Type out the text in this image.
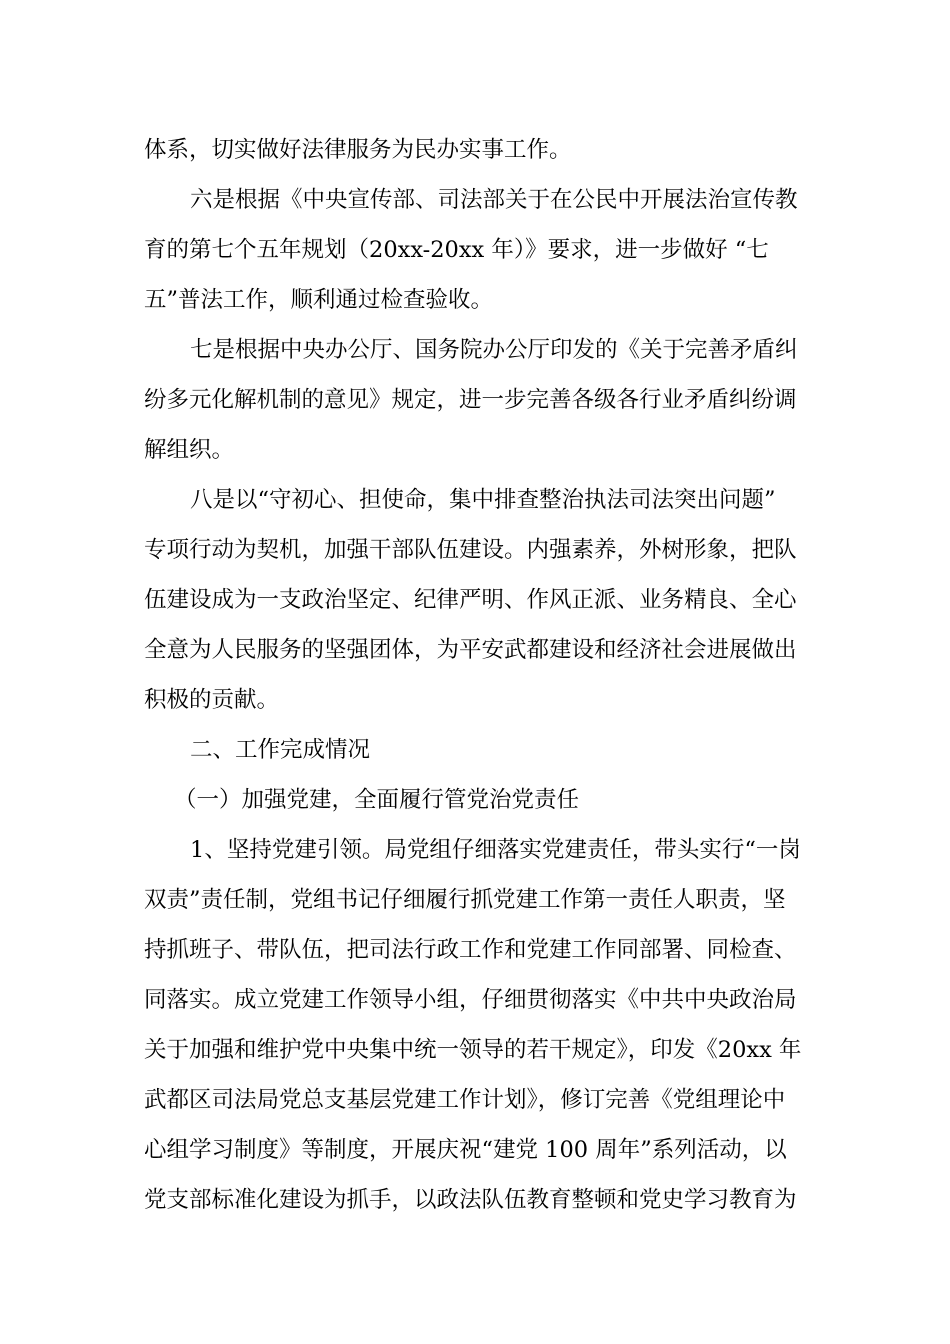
体系，切实做好法律服务为民办实事工作。
六是根据《中央宣传部、司法部关于在公民中开展法治宣传教
育的第七个五年规划（20xx-20xx 年）》要求，进一步做好 “七
五”普法工作，顺利通过检查验收。
七是根据中央办公厅、国务院办公厅印发的《关于完善矛盾纠
纷多元化解机制的意见》规定，进一步完善各级各行业矛盾纠纷调
解组织。
八是以“守初心、担使命，集中排查整治执法司法突出问题”
专项行动为契机，加强干部队伍建设。内强素养，外树形象，把队
伍建设成为一支政治坚定、纪律严明、作风正派、业务精良、全心
全意为人民服务的坚强团体，为平安武都建设和经济社会进展做出
积极的贡献。
二、工作完成情况
（一）加强党建，全面履行管党治党责任
1、坚持党建引领。局党组仔细落实党建责任，带头实行“一岗
双责”责任制，党组书记仔细履行抓党建工作第一责任人职责，坚
持抓班子、带队伍，把司法行政工作和党建工作同部署、同检查、
同落实。成立党建工作领导小组，仔细贯彻落实《中共中央政治局
关于加强和维护党中央集中统一领导的若干规定》，印发《20xx 年
武都区司法局党总支基层党建工作计划》，修订完善《党组理论中
心组学习制度》等制度，开展庆祝“建党 100 周年”系列活动，以
党支部标准化建设为抓手，以政法队伍教育整顿和党史学习教育为
